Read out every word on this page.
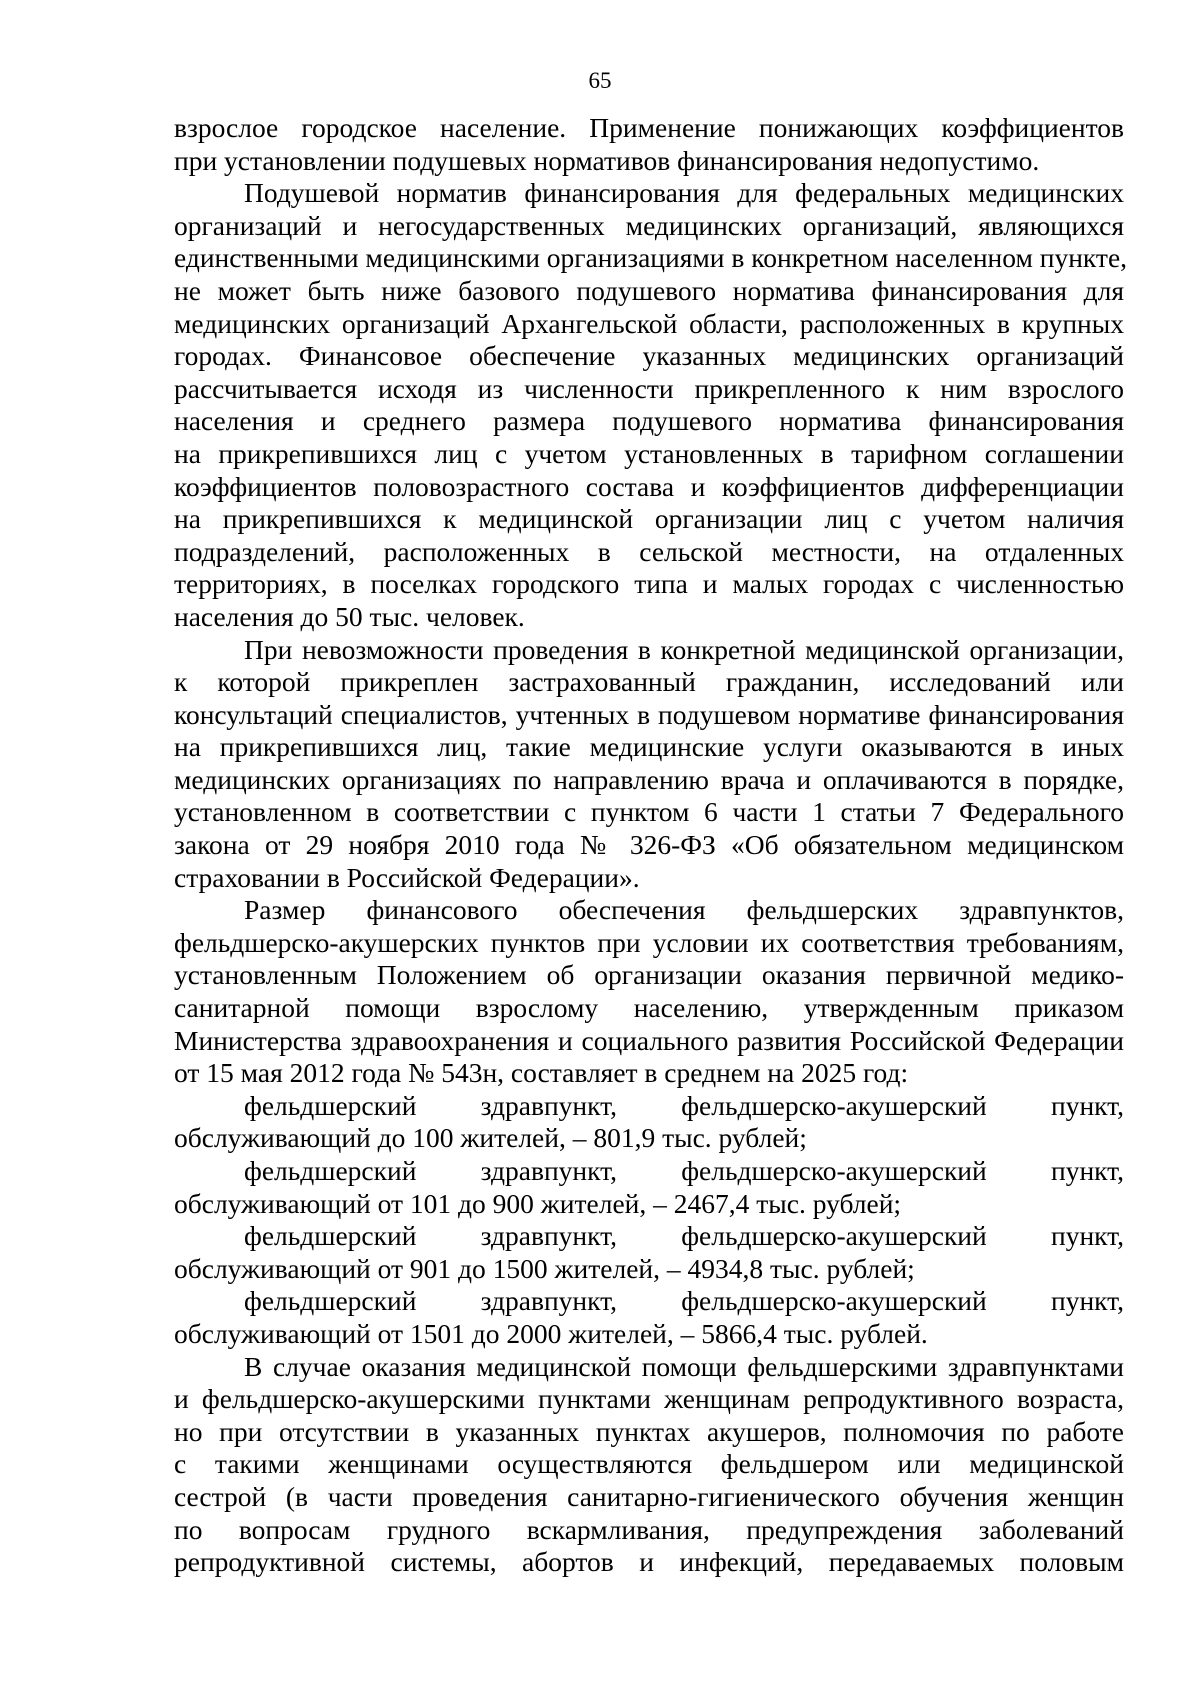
65
взрослое городское население. Применение понижающих коэффициентов
при установлении подушевых нормативов финансирования недопустимо.
Подушевой норматив финансирования для федеральных медицинских
организаций и негосударственных медицинских организаций, являющихся
единственными медицинскими организациями в конкретном населенном пункте,
не может быть ниже базового подушевого норматива финансирования для
медицинских организаций Архангельской области, расположенных в крупных
городах. Финансовое обеспечение указанных медицинских организаций
рассчитывается исходя из численности прикрепленного к ним взрослого
населения и среднего размера подушевого норматива финансирования
на прикрепившихся лиц с учетом установленных в тарифном соглашении
коэффициентов половозрастного состава и коэффициентов дифференциации
на прикрепившихся к медицинской организации лиц с учетом наличия
подразделений, расположенных в сельской местности, на отдаленных
территориях, в поселках городского типа и малых городах с численностью
населения до 50 тыс. человек.
При невозможности проведения в конкретной медицинской организации,
к которой прикреплен застрахованный гражданин, исследований или
консультаций специалистов, учтенных в подушевом нормативе финансирования
на прикрепившихся лиц, такие медицинские услуги оказываются в иных
медицинских организациях по направлению врача и оплачиваются в порядке,
установленном в соответствии с пунктом 6 части 1 статьи 7 Федерального
закона от 29 ноября 2010 года № 326-ФЗ «Об обязательном медицинском
страховании в Российской Федерации».
Размер финансового обеспечения фельдшерских здравпунктов,
фельдшерско-акушерских пунктов при условии их соответствия требованиям,
установленным Положением об организации оказания первичной медико-
санитарной помощи взрослому населению, утвержденным приказом
Министерства здравоохранения и социального развития Российской Федерации
от 15 мая 2012 года № 543н, составляет в среднем на 2025 год:
фельдшерский здравпункт, фельдшерско-акушерский пункт,
обслуживающий до 100 жителей, – 801,9 тыс. рублей;
фельдшерский здравпункт, фельдшерско-акушерский пункт,
обслуживающий от 101 до 900 жителей, – 2467,4 тыс. рублей;
фельдшерский здравпункт, фельдшерско-акушерский пункт,
обслуживающий от 901 до 1500 жителей, – 4934,8 тыс. рублей;
фельдшерский здравпункт, фельдшерско-акушерский пункт,
обслуживающий от 1501 до 2000 жителей, – 5866,4 тыс. рублей.
В случае оказания медицинской помощи фельдшерскими здравпунктами
и фельдшерско-акушерскими пунктами женщинам репродуктивного возраста,
но при отсутствии в указанных пунктах акушеров, полномочия по работе
с такими женщинами осуществляются фельдшером или медицинской
сестрой (в части проведения санитарно-гигиенического обучения женщин
по вопросам грудного вскармливания, предупреждения заболеваний
репродуктивной системы, абортов и инфекций, передаваемых половым
